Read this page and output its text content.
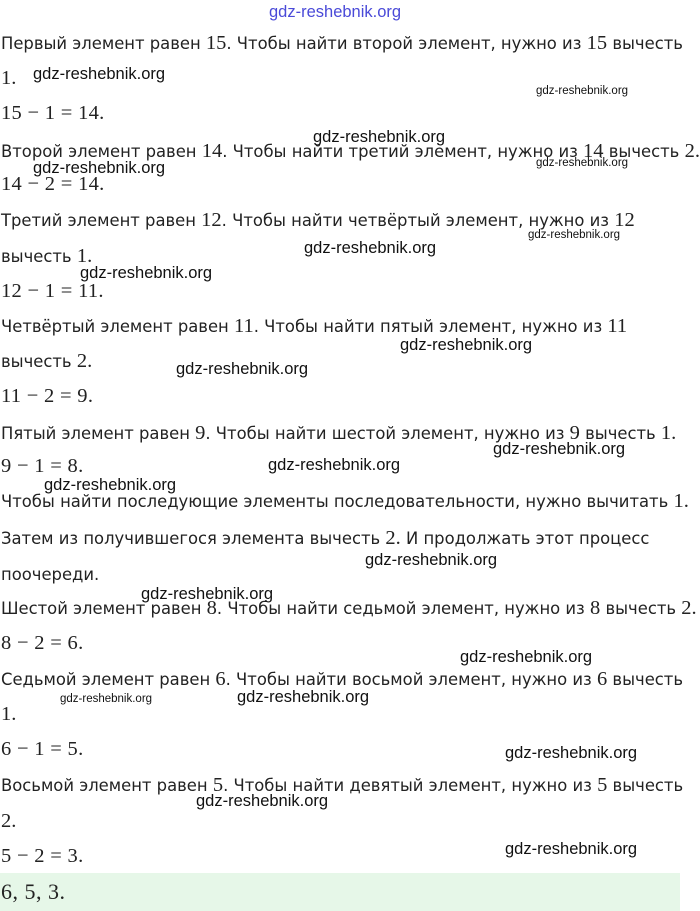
gdz-reshebnik.org
Первый элемент равен 15. Чтобы найти второй элемент, нужно из 15 вычесть
1.
15 − 1 = 14.
Второй элемент равен 14. Чтобы найти третий элемент, нужно из 14 вычесть 2.
14 − 2 = 14.
Третий элемент равен 12. Чтобы найти четвёртый элемент, нужно из 12
вычесть 1.
12 − 1 = 11.
Четвёртый элемент равен 11. Чтобы найти пятый элемент, нужно из 11
вычесть 2.
11 − 2 = 9.
Пятый элемент равен 9. Чтобы найти шестой элемент, нужно из 9 вычесть 1.
9 − 1 = 8.
Чтобы найти последующие элементы последовательности, нужно вычитать 1.
Затем из получившегося элемента вычесть 2. И продолжать этот процесс
поочереди.
Шестой элемент равен 8. Чтобы найти седьмой элемент, нужно из 8 вычесть 2.
8 − 2 = 6.
Седьмой элемент равен 6. Чтобы найти восьмой элемент, нужно из 6 вычесть
1.
6 − 1 = 5.
Восьмой элемент равен 5. Чтобы найти девятый элемент, нужно из 5 вычесть
2.
5 − 2 = 3.
6, 5, 3.
gdz-reshebnik.org
gdz-reshebnik.org
gdz-reshebnik.org
gdz-reshebnik.org	gdz-reshebnik.org
gdz-reshebnik.org
gdz-reshebnik.org
gdz-reshebnik.org
gdz-reshebnik.org
gdz-reshebnik.org
gdz-reshebnik.org
gdz-reshebnik.org
gdz-reshebnik.org
gdz-reshebnik.org
gdz-reshebnik.org
gdz-reshebnik.org
gdz-reshebnik.org
gdz-reshebnik.org
gdz-reshebnik.org
gdz-reshebnik.org
gdz-reshebnik.org
